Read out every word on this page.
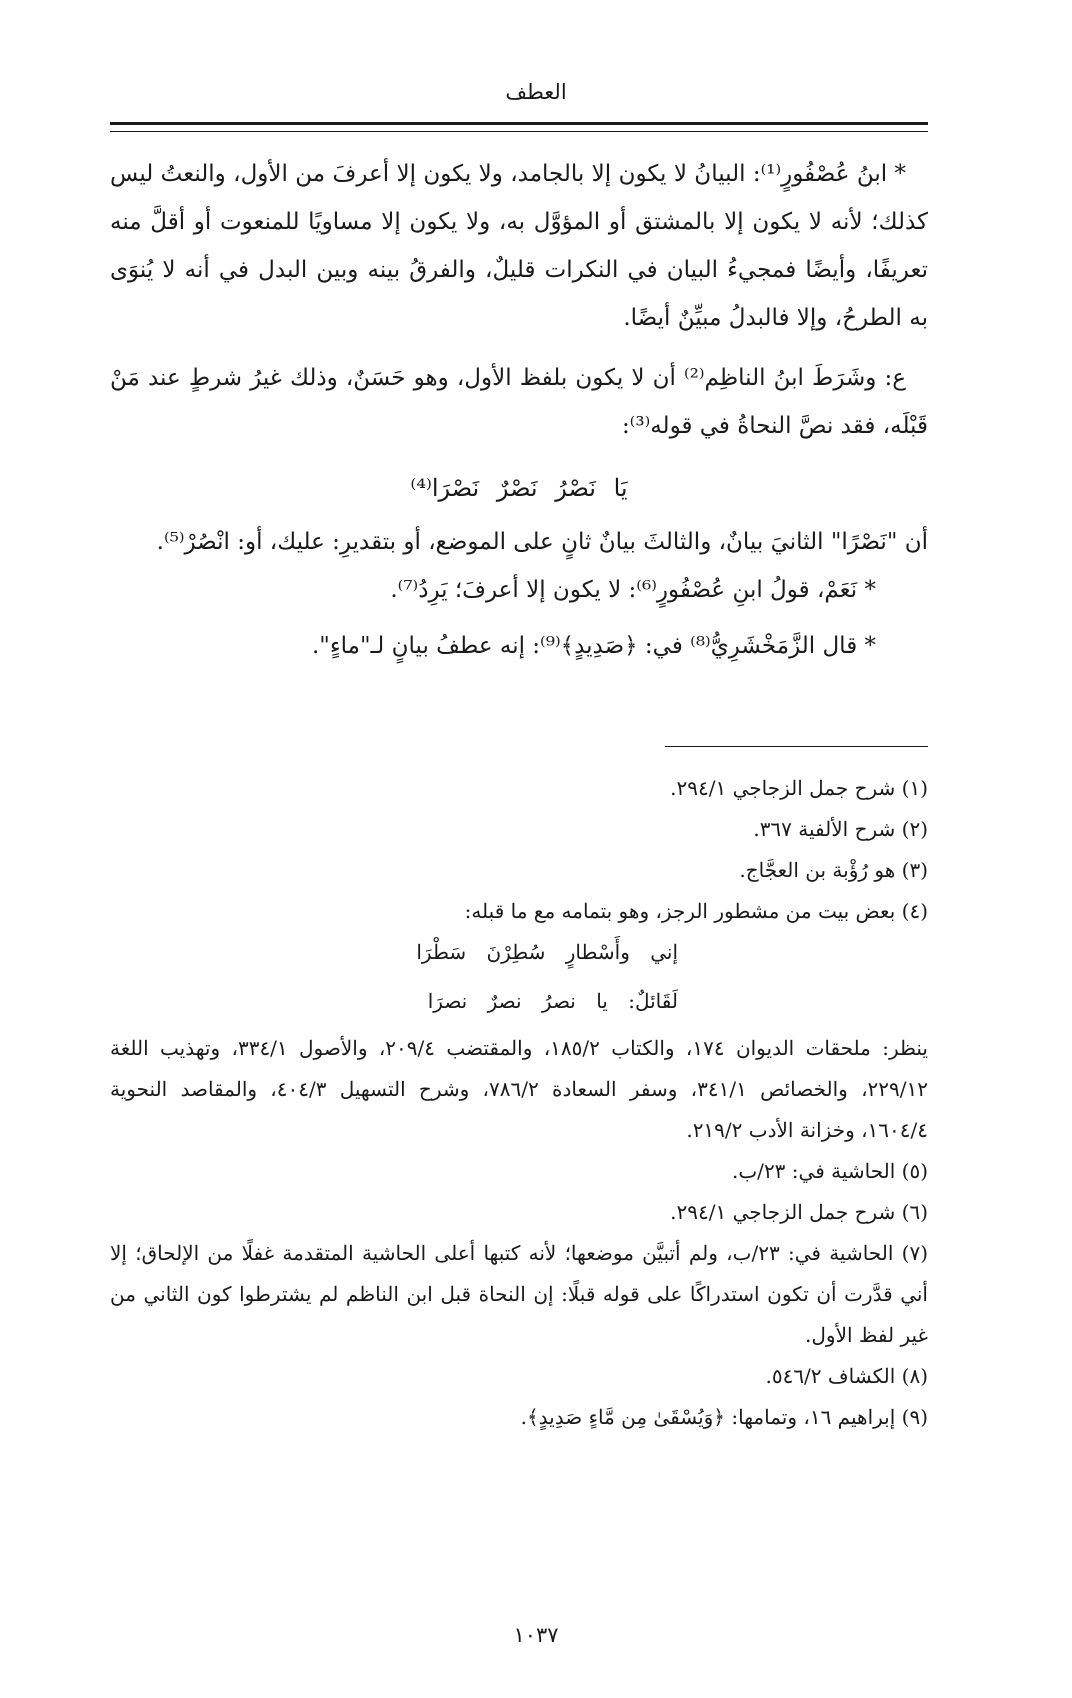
العطف

* ابنُ عُصْفُورٍ⁽¹⁾: البيانُ لا يكون إلا بالجامد، ولا يكون إلا أعرفَ من الأول، والنعتُ ليس كذلك؛ لأنه لا يكون إلا بالمشتق أو المؤوَّل به، ولا يكون إلا مساويًا للمنعوت أو أقلَّ منه تعريفًا، وأيضًا فمجيءُ البيان في النكرات قليلٌ، والفرقُ بينه وبين البدل في أنه لا يُنوَى به الطرحُ، وإلا فالبدلُ مبيِّنٌ أيضًا.

ع: وشَرَطَ ابنُ الناظِم⁽²⁾ أن لا يكون بلفظ الأول، وهو حَسَنٌ، وذلك غيرُ شرطٍ عند مَنْ قَبْلَه، فقد نصَّ النحاةُ في قوله⁽³⁾:

يَا نَصْرُ نَصْرٌ نَصْرَا⁽⁴⁾

أن "نَصْرًا" الثانيَ بيانٌ، والثالثَ بيانٌ ثانٍ على الموضع، أو بتقديرِ: عليك، أو: انْصُرْ⁽⁵⁾.

* نَعَمْ، قولُ ابنِ عُصْفُورٍ⁽⁶⁾: لا يكون إلا أعرفَ؛ يَرِدُ⁽⁷⁾.

* قال الزَّمَخْشَرِيُّ⁽⁸⁾ في: ﴿صَدِيدٍ﴾⁽⁹⁾: إنه عطفُ بيانٍ لـ"ماءٍ".

(١) شرح جمل الزجاجي ٢٩٤/١.

(٢) شرح الألفية ٣٦٧.

(٣) هو رُؤْبة بن العجَّاج.

(٤) بعض بيت من مشطور الرجز، وهو بتمامه مع ما قبله:

إني وأَسْطارٍ سُطِرْنَ سَطْرَا

لَقَائلٌ: يا نصرُ نصرٌ نصرَا

ينظر: ملحقات الديوان ١٧٤، والكتاب ١٨٥/٢، والمقتضب ٢٠٩/٤، والأصول ٣٣٤/١، وتهذيب اللغة ٢٢٩/١٢، والخصائص ٣٤١/١، وسفر السعادة ٧٨٦/٢، وشرح التسهيل ٤٠٤/٣، والمقاصد النحوية ١٦٠٤/٤، وخزانة الأدب ٢١٩/٢.

(٥) الحاشية في: ٢٣/ب.

(٦) شرح جمل الزجاجي ٢٩٤/١.

(٧) الحاشية في: ٢٣/ب، ولم أتبيَّن موضعها؛ لأنه كتبها أعلى الحاشية المتقدمة غفلًا من الإلحاق؛ إلا أني قدَّرت أن تكون استدراكًا على قوله قبلًا: إن النحاة قبل ابن الناظم لم يشترطوا كون الثاني من غير لفظ الأول.

(٨) الكشاف ٥٤٦/٢.

(٩) إبراهيم ١٦، وتمامها: ﴿وَيُسْقَىٰ مِن مَّاءٍ صَدِيدٍ﴾.

١٠٣٧
